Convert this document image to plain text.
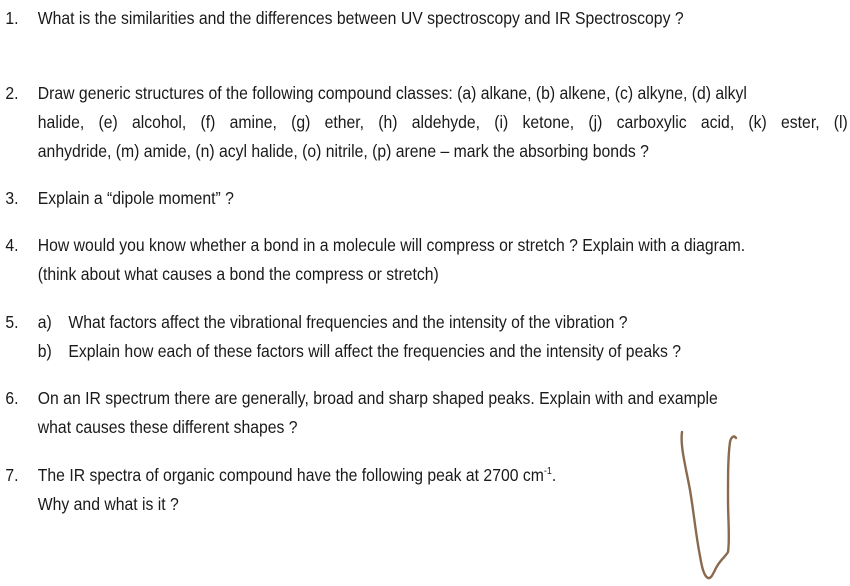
1. What is the similarities and the differences between UV spectroscopy and IR Spectroscopy ?
2. Draw generic structures of the following compound classes: (a) alkane, (b) alkene, (c) alkyne, (d) alkyl
halide, (e) alcohol, (f) amine, (g) ether, (h) aldehyde, (i) ketone, (j) carboxylic acid, (k) ester, (l)
anhydride, (m) amide, (n) acyl halide, (o) nitrile, (p) arene – mark the absorbing bonds ?
3. Explain a “dipole moment” ?
4. How would you know whether a bond in a molecule will compress or stretch ? Explain with a diagram.
(think about what causes a bond the compress or stretch)
5. a) What factors affect the vibrational frequencies and the intensity of the vibration ?
b) Explain how each of these factors will affect the frequencies and the intensity of peaks ?
6. On an IR spectrum there are generally, broad and sharp shaped peaks. Explain with and example
what causes these different shapes ?
7. The IR spectra of organic compound have the following peak at 2700 $cm^{-1}$.
Why and what is it ?
